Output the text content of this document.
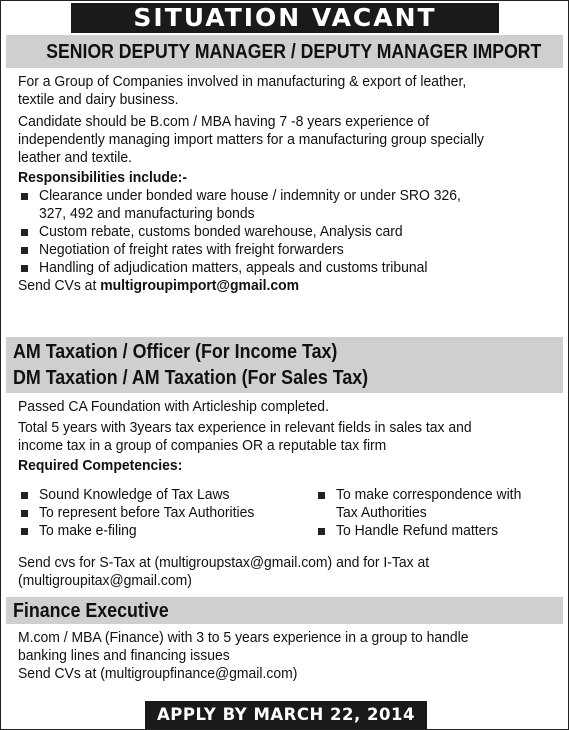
SITUATION VACANT
SENIOR DEPUTY MANAGER / DEPUTY MANAGER IMPORT

For a Group of Companies involved in manufacturing & export of leather,

textile and dairy business.

Candidate should be B.com / MBA having 7 -8 years experience of

independently managing import matters for a manufacturing group specially

leather and textile.

Responsibilities include:-

Clearance under bonded ware house / indemnity or under SRO 326,

327, 492 and manufacturing bonds

Custom rebate, customs bonded warehouse, Analysis card

Negotiation of freight rates with freight forwarders

Handling of adjudication matters, appeals and customs tribunal

Send CVs at multigroupimport@gmail.com

AM Taxation / Officer (For Income Tax)
DM Taxation / AM Taxation (For Sales Tax)

Passed CA Foundation with Articleship completed.

Total 5 years with 3years tax experience in relevant fields in sales tax and

income tax in a group of companies OR a reputable tax firm

Required Competencies:

Sound Knowledge of Tax Laws

To represent before Tax Authorities

To make e-filing

To make correspondence with

Tax Authorities

To Handle Refund matters

Send cvs for S-Tax at (multigroupstax@gmail.com) and for I-Tax at

(multigroupitax@gmail.com)

Finance Executive

M.com / MBA (Finance) with 3 to 5 years experience in a group to handle

banking lines and financing issues

Send CVs at (multigroupfinance@gmail.com)

APPLY BY MARCH 22, 2014
